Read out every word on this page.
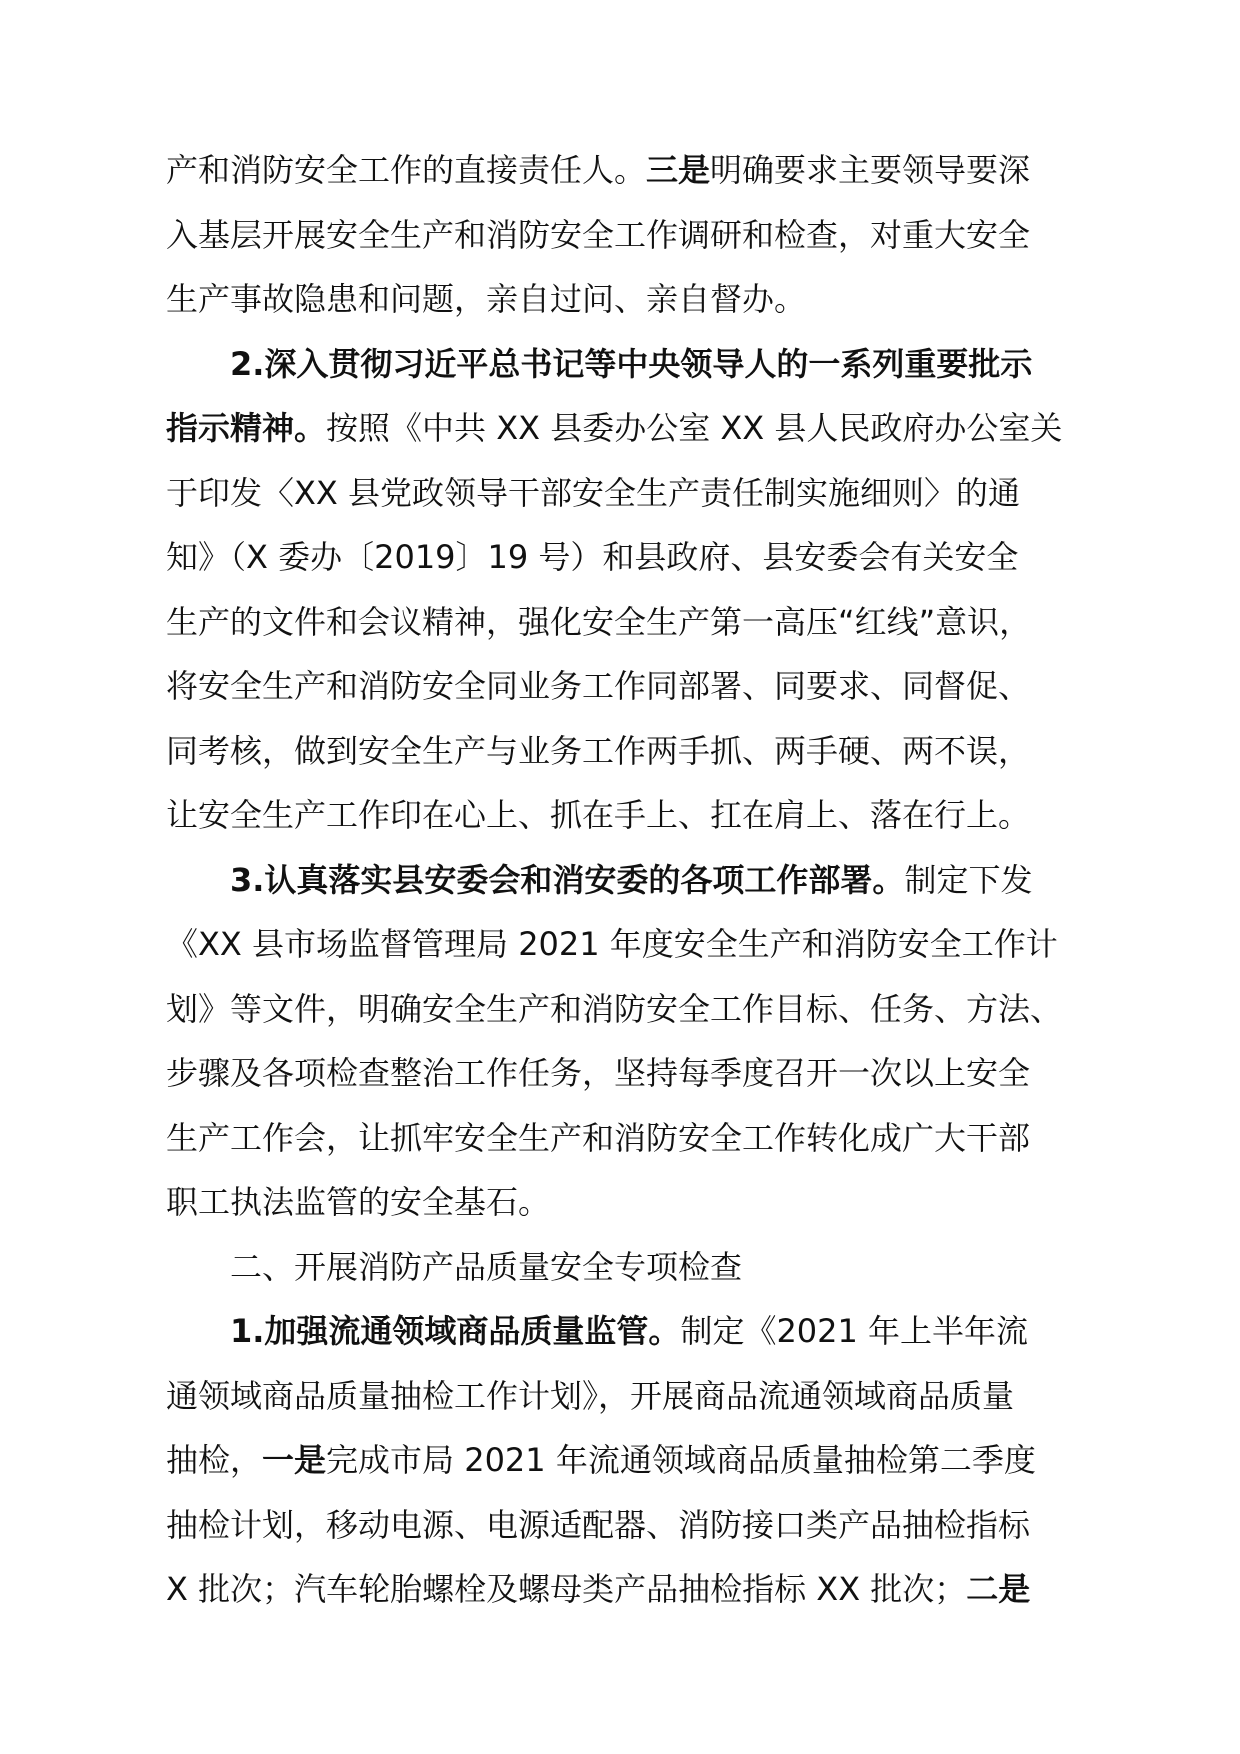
产和消防安全工作的直接责任人。三是明确要求主要领导要深
入基层开展安全生产和消防安全工作调研和检查，对重大安全
生产事故隐患和问题，亲自过问、亲自督办。
2.深入贯彻习近平总书记等中央领导人的一系列重要批示
指示精神。按照《中共 XX 县委办公室 XX 县人民政府办公室关
于印发〈XX 县党政领导干部安全生产责任制实施细则〉的通
知》（X 委办〔2019〕19 号）和县政府、县安委会有关安全
生产的文件和会议精神，强化安全生产第一高压“红线”意识，
将安全生产和消防安全同业务工作同部署、同要求、同督促、
同考核，做到安全生产与业务工作两手抓、两手硬、两不误，
让安全生产工作印在心上、抓在手上、扛在肩上、落在行上。
3.认真落实县安委会和消安委的各项工作部署。制定下发
《XX 县市场监督管理局 2021 年度安全生产和消防安全工作计
划》等文件，明确安全生产和消防安全工作目标、任务、方法、
步骤及各项检查整治工作任务，坚持每季度召开一次以上安全
生产工作会，让抓牢安全生产和消防安全工作转化成广大干部
职工执法监管的安全基石。
二、开展消防产品质量安全专项检查
1.加强流通领域商品质量监管。制定《2021 年上半年流
通领域商品质量抽检工作计划》，开展商品流通领域商品质量
抽检，一是完成市局 2021 年流通领域商品质量抽检第二季度
抽检计划，移动电源、电源适配器、消防接口类产品抽检指标
X 批次；汽车轮胎螺栓及螺母类产品抽检指标 XX 批次；二是
